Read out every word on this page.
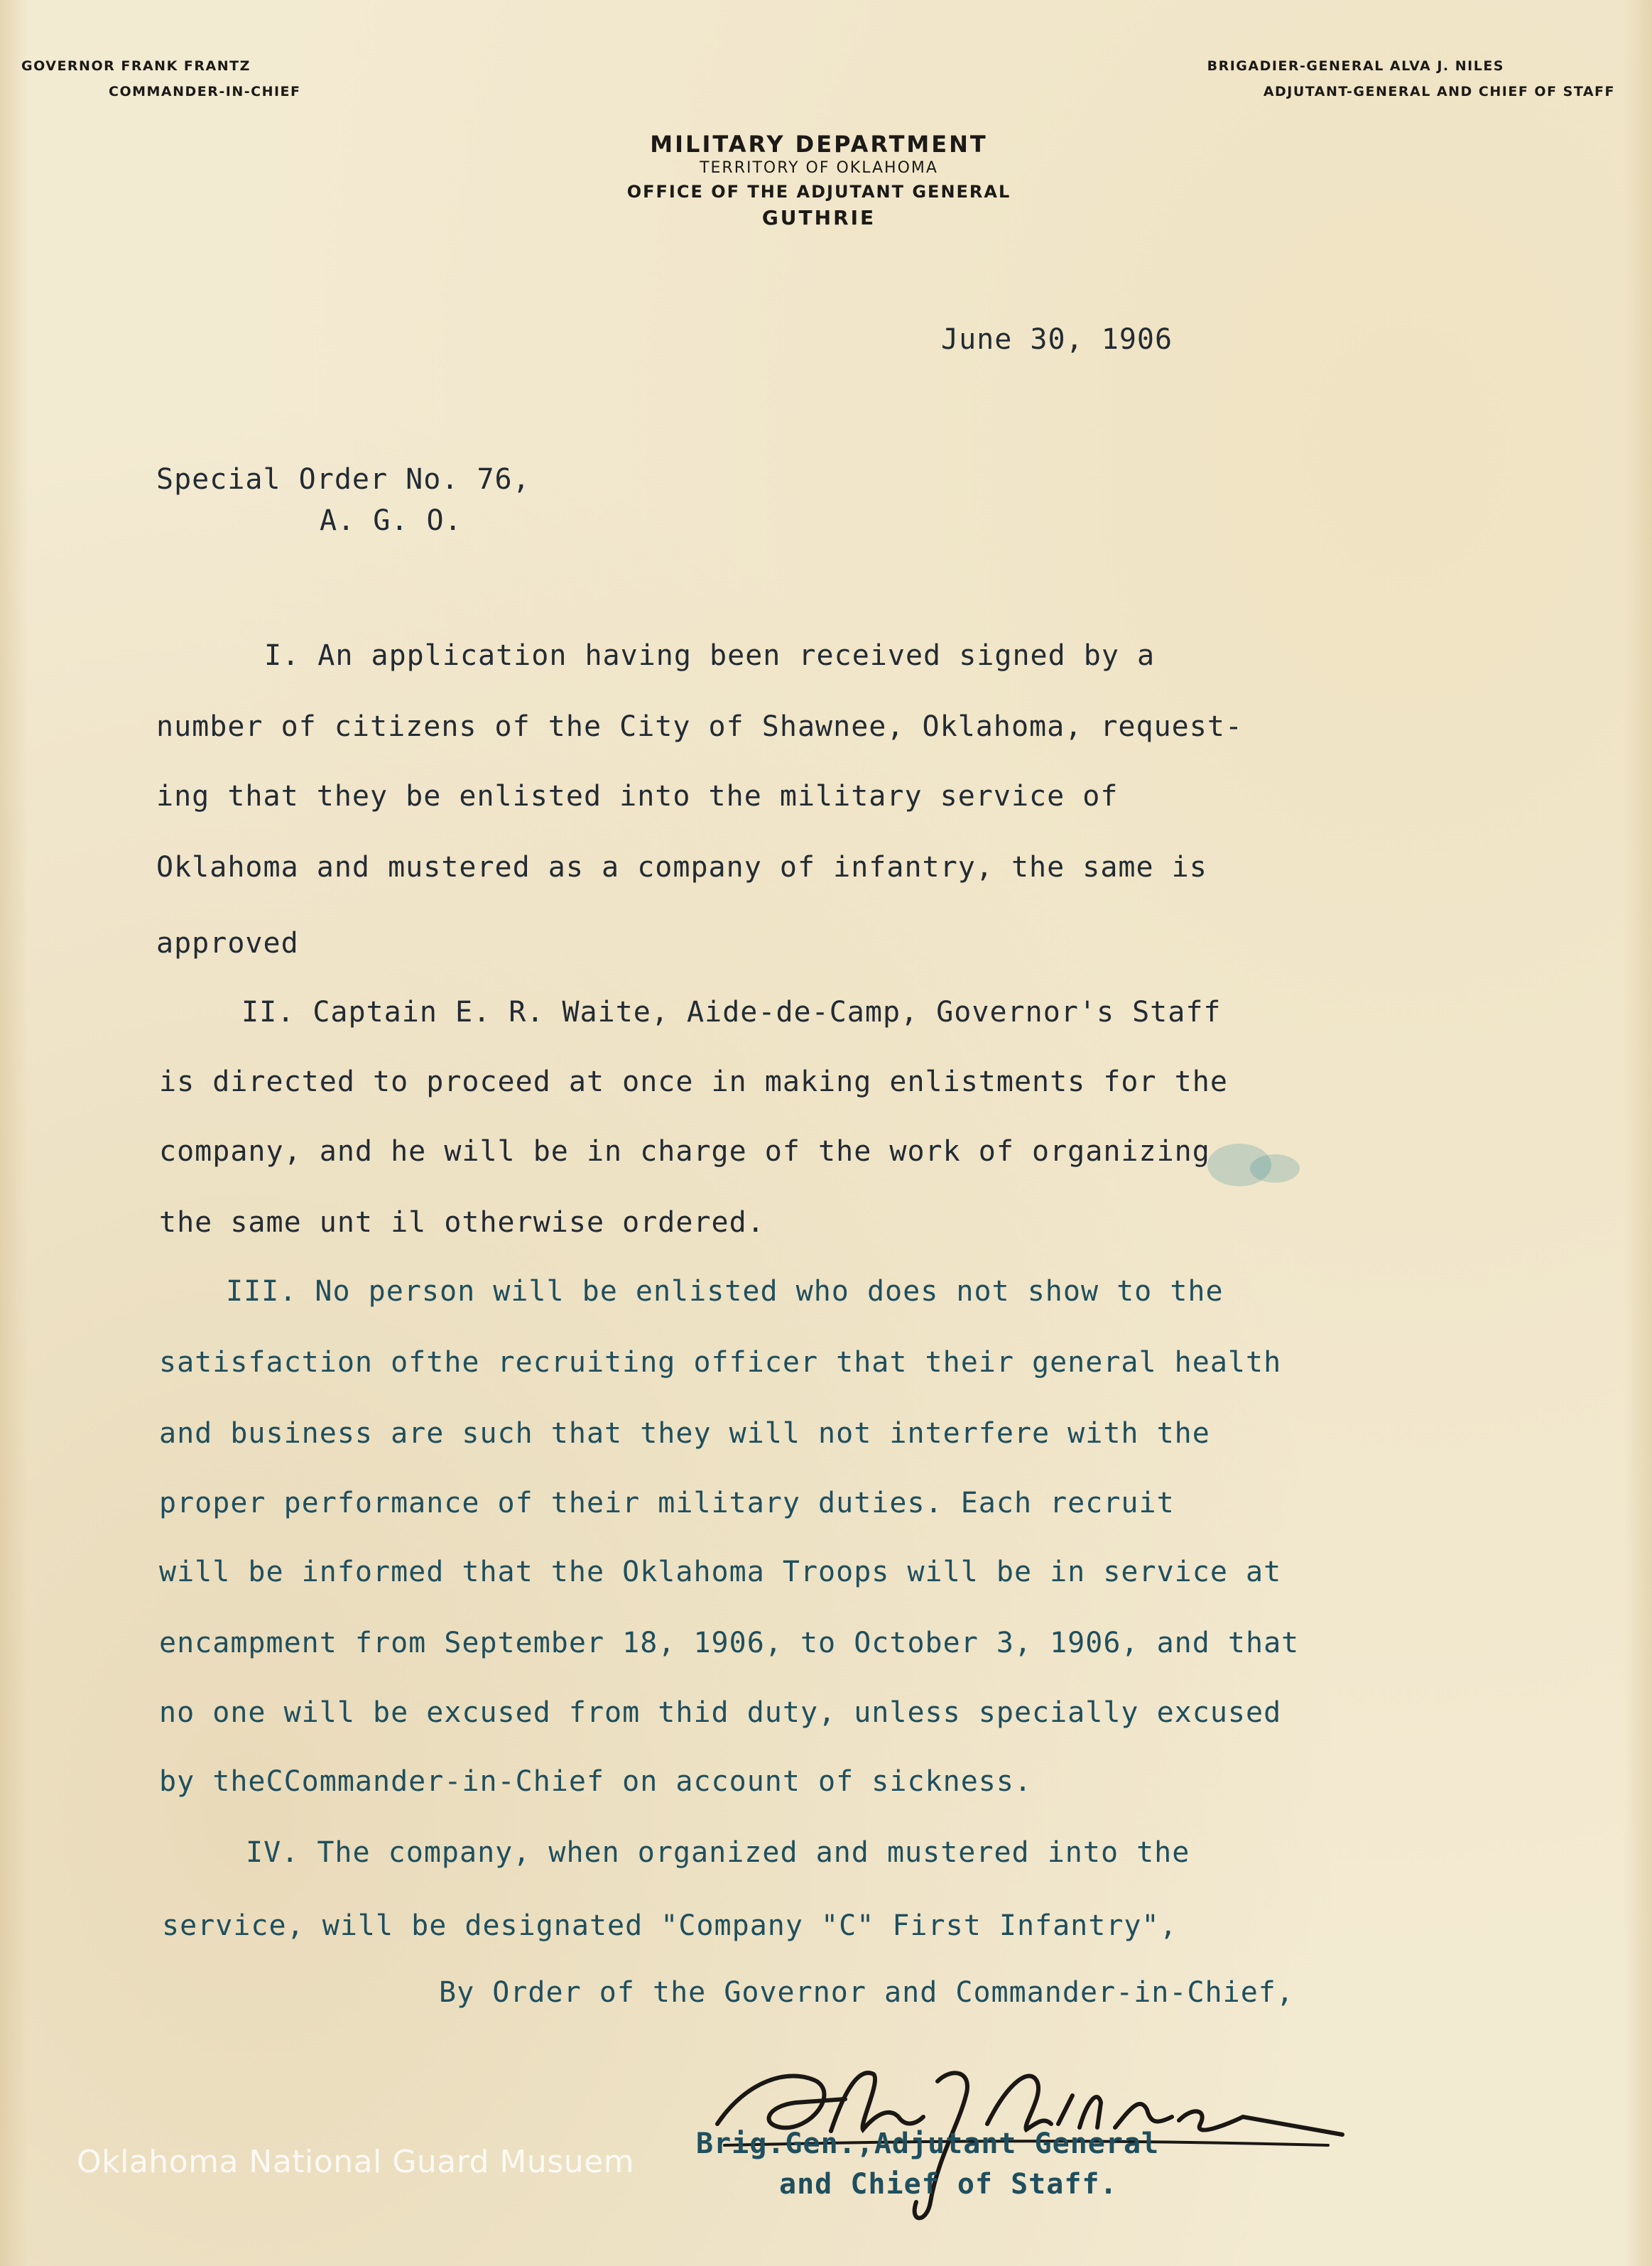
GOVERNOR FRANK FRANTZ
COMMANDER-IN-CHIEF
BRIGADIER-GENERAL ALVA J. NILES
ADJUTANT-GENERAL AND CHIEF OF STAFF
MILITARY DEPARTMENT
TERRITORY OF OKLAHOMA
OFFICE OF THE ADJUTANT GENERAL
GUTHRIE
June 30, 1906
Special Order No. 76,
A. G. O.
I. An application having been received signed by a
number of citizens of the City of Shawnee, Oklahoma, request-
ing that they be enlisted into the military service of
Oklahoma and mustered as a company of infantry, the same is
approved
II. Captain E. R. Waite, Aide-de-Camp, Governor's Staff
is directed to proceed at once in making enlistments for the
company, and he will be in charge of the work of organizing
the same unt il otherwise ordered.
III. No person will be enlisted who does not show to the
satisfaction ofthe recruiting officer that their general health
and business are such that they will not interfere with the
proper performance of their military duties. Each recruit
will be informed that the Oklahoma Troops will be in service at
encampment from September 18, 1906, to October 3, 1906, and that
no one will be excused from thid duty, unless specially excused
by theCCommander-in-Chief on account of sickness.
IV. The company, when organized and mustered into the
service, will be designated "Company "C" First Infantry",
By Order of the Governor and Commander-in-Chief,
Brig.Gen.,Adjutant General
and Chief of Staff.
Oklahoma National Guard Musuem
